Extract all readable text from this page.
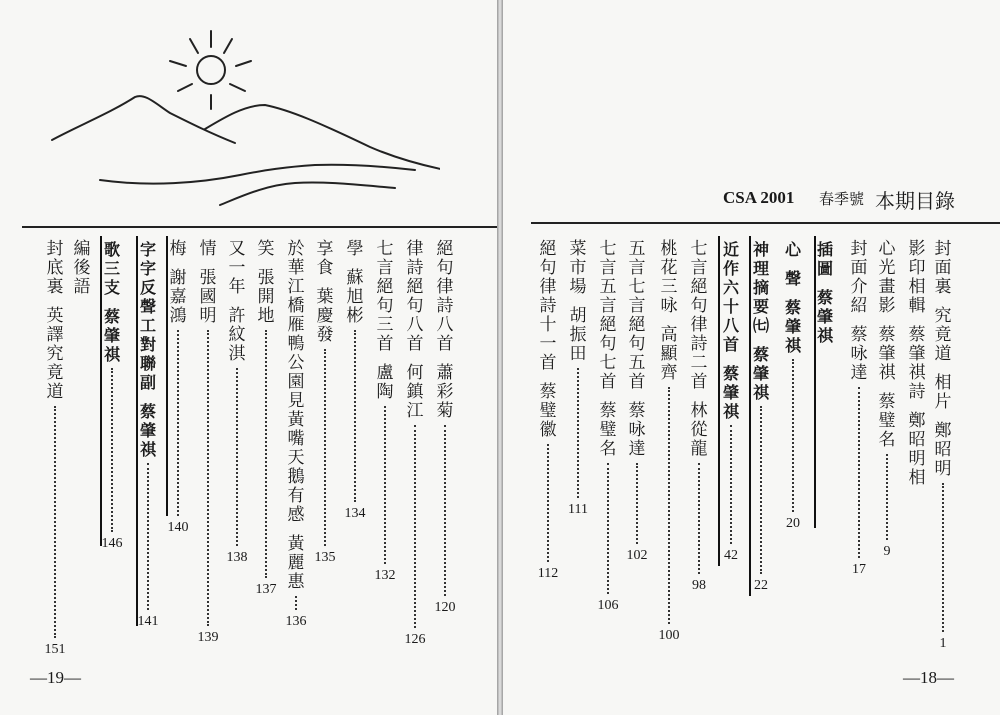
絕
句
律
詩
八
首
蕭
彩
菊
120
律
詩
絕
句
八
首
何
鎮
江
126
七
言
絕
句
三
首
盧
陶
132
學
蘇
旭
彬
134
享
食
葉
慶
發
135
於
華
江
橋
雁
鴨
公
園
見
黃
嘴
天
鵝
有
感
黃
麗
惠
136
笑
張
開
地
137
又
一
年
許
紋
淇
138
情
張
國
明
139
梅
謝
嘉
鴻
140
字
字
反
聲
工
對
聯
副
蔡
肇
祺
141
歌
三
支
蔡
肇
祺
146
編
後
語
封
底
裏
英
譯
究
竟
道
151
—19—
CSA 2001 春季號 本期目錄
封
面
裏
究
竟
道
相
片
鄭
昭
明
1
影
印
相
輯
蔡
肇
祺
詩
鄭
昭
明
相
心
光
畫
影
蔡
肇
祺
蔡
璧
名
9
封
面
介
紹
蔡
咏
達
17
插
圖
蔡
肇
祺
心
聲
蔡
肇
祺
20
神
理
摘
要
㈦
蔡
肇
祺
22
近
作
六
十
八
首
蔡
肇
祺
42
七
言
絕
句
律
詩
二
首
林
從
龍
98
桃
花
三
咏
高
顯
齊
100
五
言
七
言
絕
句
五
首
蔡
咏
達
102
七
言
五
言
絕
句
七
首
蔡
璧
名
106
菜
市
場
胡
振
田
111
絕
句
律
詩
十
一
首
蔡
璧
徽
112
—18—
